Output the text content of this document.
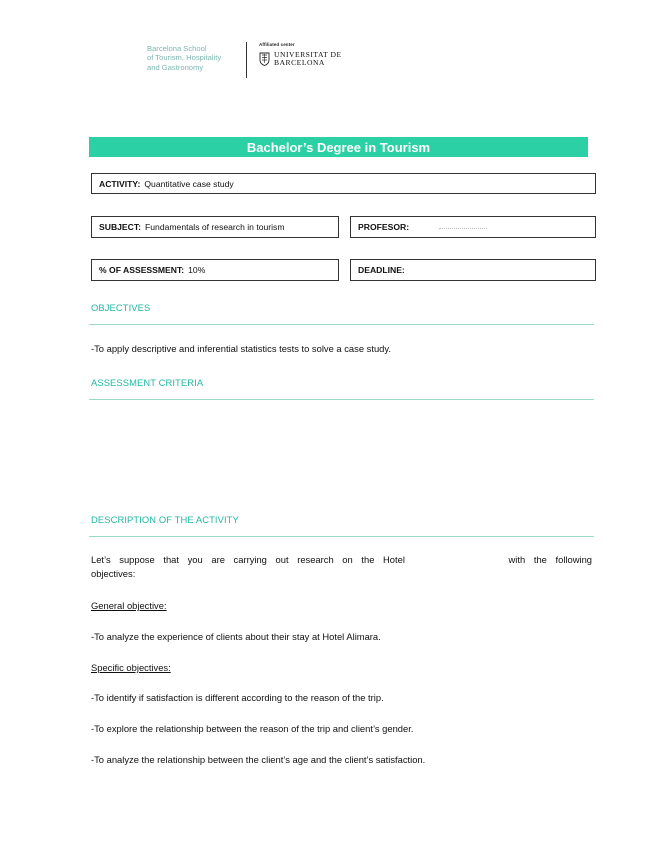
Barcelona School
of Tourism, Hospitality
and Gastronomy
Affiliated center
UNIVERSITAT DE
BARCELONA
Bachelor’s Degree in Tourism
ACTIVITY: Quantitative case study
SUBJECT: Fundamentals of research in tourism	PROFESOR:
% OF ASSESSMENT: 10%	DEADLINE:
OBJECTIVES
-To apply descriptive and inferential statistics tests to solve a case study.
ASSESSMENT CRITERIA
DESCRIPTION OF THE ACTIVITY
Let’s suppose that you are carrying out research on the Hotel            with the following
objectives:
General objective:
-To analyze the experience of clients about their stay at Hotel Alimara.
Specific objectives:
-To identify if satisfaction is different according to the reason of the trip.
-To explore the relationship between the reason of the trip and client’s gender.
-To analyze the relationship between the client’s age and the client’s satisfaction.
